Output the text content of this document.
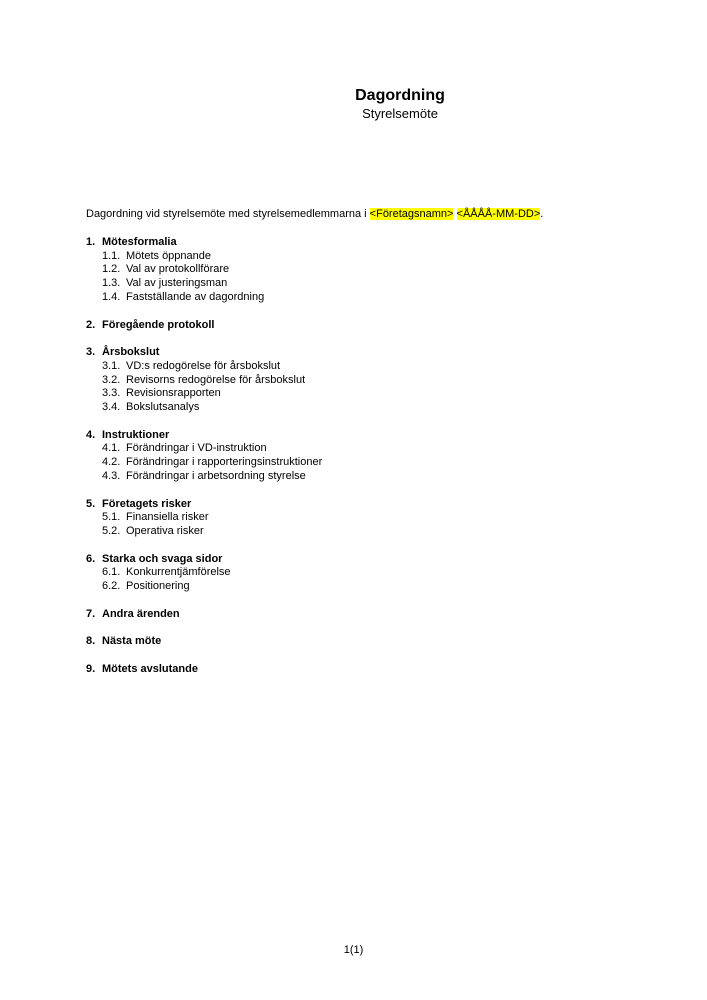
Dagordning
Styrelsemöte
Dagordning vid styrelsemöte med styrelsemedlemmarna i <Företagsnamn> <ÅÅÅÅ-MM-DD>.
1. Mötesformalia
1.1. Mötets öppnande
1.2. Val av protokollförare
1.3. Val av justeringsman
1.4. Fastställande av dagordning
2. Föregående protokoll
3. Årsbokslut
3.1. VD:s redogörelse för årsbokslut
3.2. Revisorns redogörelse för årsbokslut
3.3. Revisionsrapporten
3.4. Bokslutsanalys
4. Instruktioner
4.1. Förändringar i VD-instruktion
4.2. Förändringar i rapporteringsinstruktioner
4.3. Förändringar i arbetsordning styrelse
5. Företagets risker
5.1. Finansiella risker
5.2. Operativa risker
6. Starka och svaga sidor
6.1. Konkurrentjämförelse
6.2. Positionering
7. Andra ärenden
8. Nästa möte
9. Mötets avslutande
1(1)
